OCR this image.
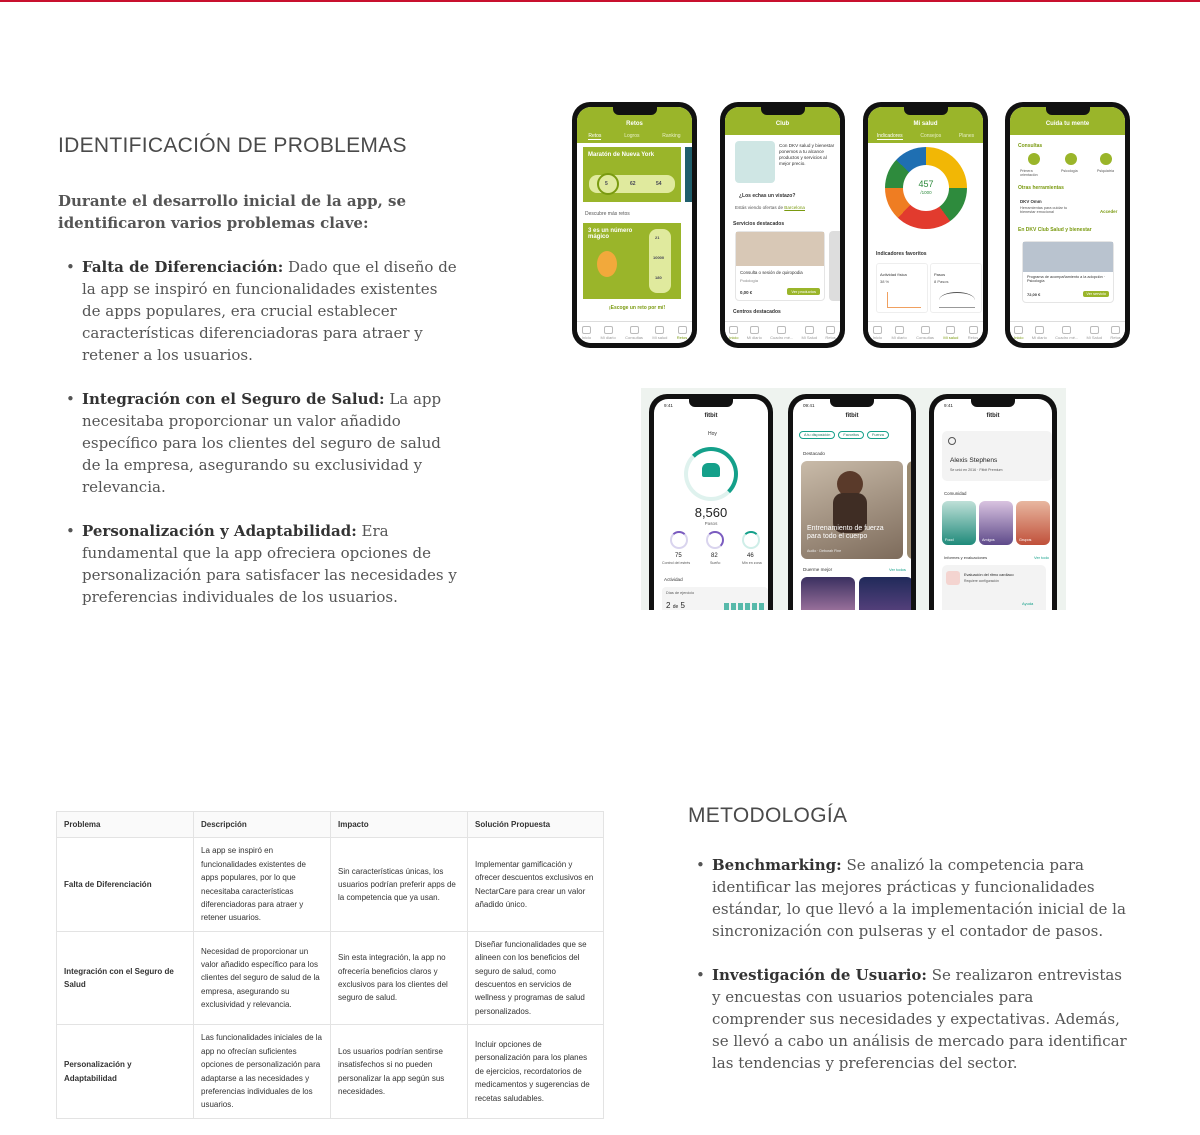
IDENTIFICACIÓN DE PROBLEMAS

Durante el desarrollo inicial de la app, se identificaron varios problemas clave:

• Falta de Diferenciación: Dado que el diseño de la app se inspiró en funcionalidades existentes de apps populares, era crucial establecer características diferenciadoras para atraer y retener a los usuarios.
• Integración con el Seguro de Salud: La app necesitaba proporcionar un valor añadido específico para los clientes del seguro de salud de la empresa, asegurando su exclusividad y relevancia.
• Personalización y Adaptabilidad: Era fundamental que la app ofreciera opciones de personalización para satisfacer las necesidades y preferencias individuales de los usuarios.
Retos
Retos	Logros	Ranking
Maratón de Nueva York
5	62	54
Descubre más retos
3 es un número mágico	21
10000
180
¡Escoge un reto por mí!
Inicio Mi diario Consultas Mi salud Retos
Club
Con DKV salud y bienestar ponemos a tu alcance productos y servicios al mejor precio.
¿Los echas un vistazo?
Estás viendo ofertas de Barcelona
Servicios destacados
Consulta o sesión de quiropodia
Podología
0,00 €	Ver productos
Centros destacados
Inicio Mi diario Cuadro mé... Mi Salud Retos
Mi salud
Indicadores	Consejos	Planes
457
/1000
Indicadores favoritos
Actividad física
38 %
Pasos
8 Pasos
Inicio Mi diario Consultas Mi salud Retos
Cuida tu mente
Consultas
Primera orientación
Psicología	Psiquiatría
Otras herramientas
DKV Omm
Herramientas para cuidar tu bienestar emocional	Acceder
En DKV Club Salud y bienestar
Programa de acompañamiento a la adopción · Psicología
72,00 €	Ver servicio
Inicio Mi diario Cuadro mé... Mi Salud Retos
9:41
fitbit
Hoy
8,560
Pasos
75	82	46
Control del estrés	Sueño	Min en zona
Actividad
Días de ejercicio
2 de 5
09:41
fitbit
A tu disposición	Favoritos	Fuerza
Destacado
Entrenamiento de fuerza para todo el cuerpo
Audio · Deborah Fine
Duerme mejor	Ver todos
9:41
fitbit
Alexis Stephens
Se unió en 2016 · Fitbit Premium
Comunidad
Food	Amigos	Grupos
Informes y evaluaciones	Ver todo
Evaluación del ritmo cardiaco
Requiere configuración
Ayuda
Problema	Descripción	Impacto	Solución Propuesta
Falta de Diferenciación	La app se inspiró en funcionalidades existentes de apps populares, por lo que necesitaba características diferenciadoras para atraer y retener usuarios.	Sin características únicas, los usuarios podrían preferir apps de la competencia que ya usan.	Implementar gamificación y ofrecer descuentos exclusivos en NectarCare para crear un valor añadido único.
Integración con el Seguro de Salud	Necesidad de proporcionar un valor añadido específico para los clientes del seguro de salud de la empresa, asegurando su exclusividad y relevancia.	Sin esta integración, la app no ofrecería beneficios claros y exclusivos para los clientes del seguro de salud.	Diseñar funcionalidades que se alineen con los beneficios del seguro de salud, como descuentos en servicios de wellness y programas de salud personalizados.
Personalización y Adaptabilidad	Las funcionalidades iniciales de la app no ofrecían suficientes opciones de personalización para adaptarse a las necesidades y preferencias individuales de los usuarios.	Los usuarios podrían sentirse insatisfechos si no pueden personalizar la app según sus necesidades.	Incluir opciones de personalización para los planes de ejercicios, recordatorios de medicamentos y sugerencias de recetas saludables.
METODOLOGÍA
• Benchmarking: Se analizó la competencia para identificar las mejores prácticas y funcionalidades estándar, lo que llevó a la implementación inicial de la sincronización con pulseras y el contador de pasos.
• Investigación de Usuario: Se realizaron entrevistas y encuestas con usuarios potenciales para comprender sus necesidades y expectativas. Además, se llevó a cabo un análisis de mercado para identificar las tendencias y preferencias del sector.
